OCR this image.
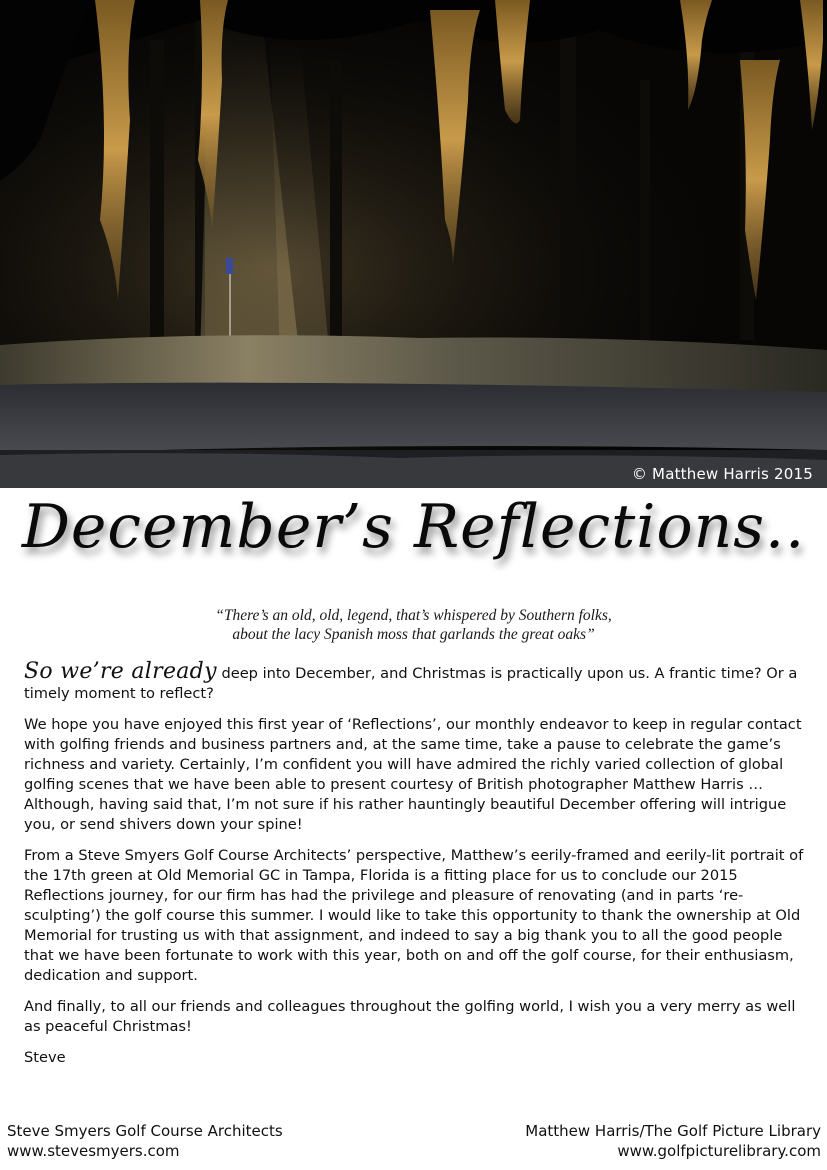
© Matthew Harris 2015
December’s Reflections..
“There’s an old, old, legend, that’s whispered by Southern folks,
about the lacy Spanish moss that garlands the great oaks”

So we’re already deep into December, and Christmas is practically upon us. A frantic time? Or a timely moment to reflect?

We hope you have enjoyed this first year of ‘Reflections’, our monthly endeavor to keep in regular contact with golfing friends and business partners and, at the same time, take a pause to celebrate the game’s richness and variety. Certainly, I’m confident you will have admired the richly varied collection of global golfing scenes that we have been able to present courtesy of British photographer Matthew Harris … Although, having said that, I’m not sure if his rather hauntingly beautiful December offering will intrigue you, or send shivers down your spine!

From a Steve Smyers Golf Course Architects’ perspective, Matthew’s eerily-framed and eerily-lit portrait of the 17th green at Old Memorial GC in Tampa, Florida is a fitting place for us to conclude our 2015 Reflections journey, for our firm has had the privilege and pleasure of renovating (and in parts ‘re-sculpting’) the golf course this summer. I would like to take this opportunity to thank the ownership at Old Memorial for trusting us with that assignment, and indeed to say a big thank you to all the good people that we have been fortunate to work with this year, both on and off the golf course, for their enthusiasm, dedication and support.

And finally, to all our friends and colleagues throughout the golfing world, I wish you a very merry as well as peaceful Christmas!

Steve

Steve Smyers Golf Course Architects
www.stevesmyers.com
Matthew Harris/The Golf Picture Library
www.golfpicturelibrary.com
